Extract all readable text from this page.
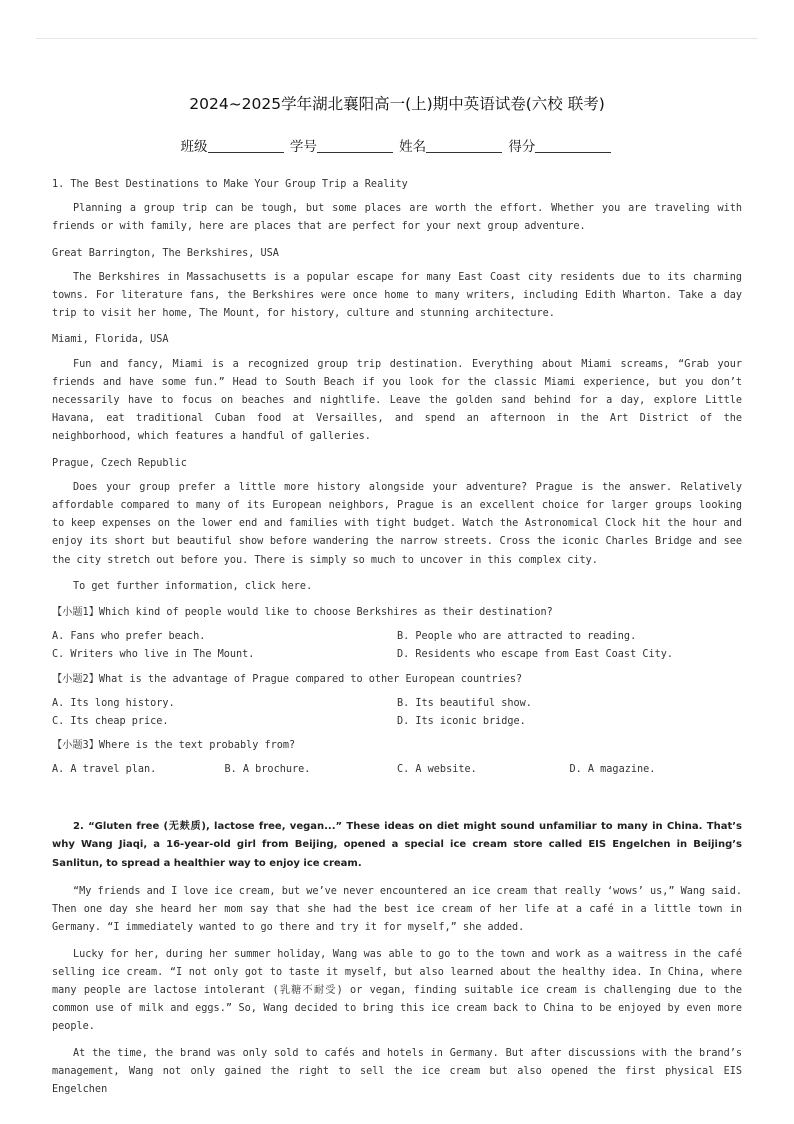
2024~2025学年湖北襄阳高一(上)期中英语试卷(六校 联考)
班级	学号	姓名	得分

1. The Best Destinations to Make Your Group Trip a Reality

Planning a group trip can be tough, but some places are worth the effort. Whether you are traveling with friends or with family, here are places that are perfect for your next group adventure.

Great Barrington, The Berkshires, USA

The Berkshires in Massachusetts is a popular escape for many East Coast city residents due to its charming towns. For literature fans, the Berkshires were once home to many writers, including Edith Wharton. Take a day trip to visit her home, The Mount, for history, culture and stunning architecture.

Miami, Florida, USA

Fun and fancy, Miami is a recognized group trip destination. Everything about Miami screams, “Grab your friends and have some fun.” Head to South Beach if you look for the classic Miami experience, but you don’t necessarily have to focus on beaches and nightlife. Leave the golden sand behind for a day, explore Little Havana, eat traditional Cuban food at Versailles, and spend an afternoon in the Art District of the neighborhood, which features a handful of galleries.

Prague, Czech Republic

Does your group prefer a little more history alongside your adventure? Prague is the answer. Relatively affordable compared to many of its European neighbors, Prague is an excellent choice for larger groups looking to keep expenses on the lower end and families with tight budget. Watch the Astronomical Clock hit the hour and enjoy its short but beautiful show before wandering the narrow streets. Cross the iconic Charles Bridge and see the city stretch out before you. There is simply so much to uncover in this complex city.

To get further information, click here.

【小题1】Which kind of people would like to choose Berkshires as their destination?

A. Fans who prefer beach.	B. People who are attracted to reading.
C. Writers who live in The Mount.	D. Residents who escape from East Coast City.

【小题2】What is the advantage of Prague compared to other European countries?

A. Its long history.	B. Its beautiful show.
C. Its cheap price.	D. Its iconic bridge.

【小题3】Where is the text probably from?

A. A travel plan.	B. A brochure.	C. A website.	D. A magazine.

2. “Gluten free (无麸质), lactose free, vegan...” These ideas on diet might sound unfamiliar to many in China. That’s why Wang Jiaqi, a 16-year-old girl from Beijing, opened a special ice cream store called EIS Engelchen in Beijing’s Sanlitun, to spread a healthier way to enjoy ice cream.

“My friends and I love ice cream, but we’ve never encountered an ice cream that really ‘wows’ us,” Wang said. Then one day she heard her mom say that she had the best ice cream of her life at a café in a little town in Germany. “I immediately wanted to go there and try it for myself,” she added.

Lucky for her, during her summer holiday, Wang was able to go to the town and work as a waitress in the café selling ice cream. “I not only got to taste it myself, but also learned about the healthy idea. In China, where many people are lactose intolerant (乳糖不耐受) or vegan, finding suitable ice cream is challenging due to the common use of milk and eggs.” So, Wang decided to bring this ice cream back to China to be enjoyed by even more people.

At the time, the brand was only sold to cafés and hotels in Germany. But after discussions with the brand’s management, Wang not only gained the right to sell the ice cream but also opened the first physical EIS Engelchen
